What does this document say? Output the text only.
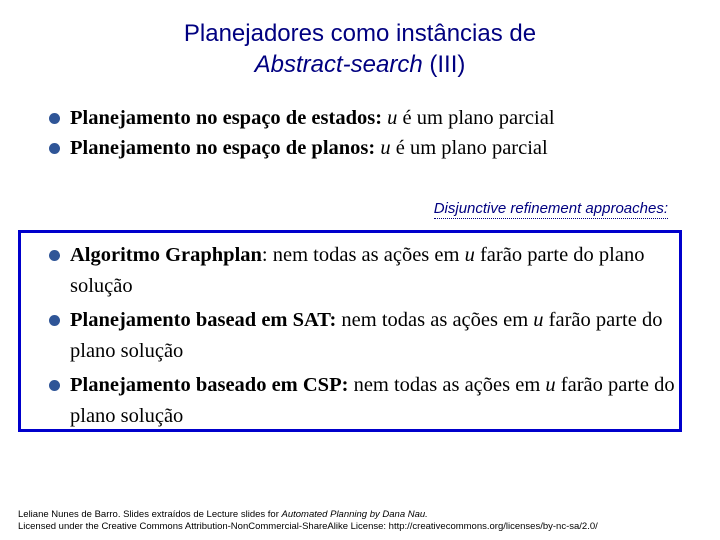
Planejadores como instâncias de
Abstract-search (III)
Planejamento no espaço de estados: u é um plano parcial
Planejamento no espaço de planos: u é um plano parcial
Disjunctive refinement approaches:
Algoritmo Graphplan: nem todas as ações em u farão parte do plano solução
Planejamento basead em SAT: nem todas as ações em u farão parte do plano solução
Planejamento baseado em CSP: nem todas as ações em u farão parte do plano solução
Leliane Nunes de Barro. Slides extraídos de Lecture slides for Automated Planning by Dana Nau.
Licensed under the Creative Commons Attribution-NonCommercial-ShareAlike License: http://creativecommons.org/licenses/by-nc-sa/2.0/
